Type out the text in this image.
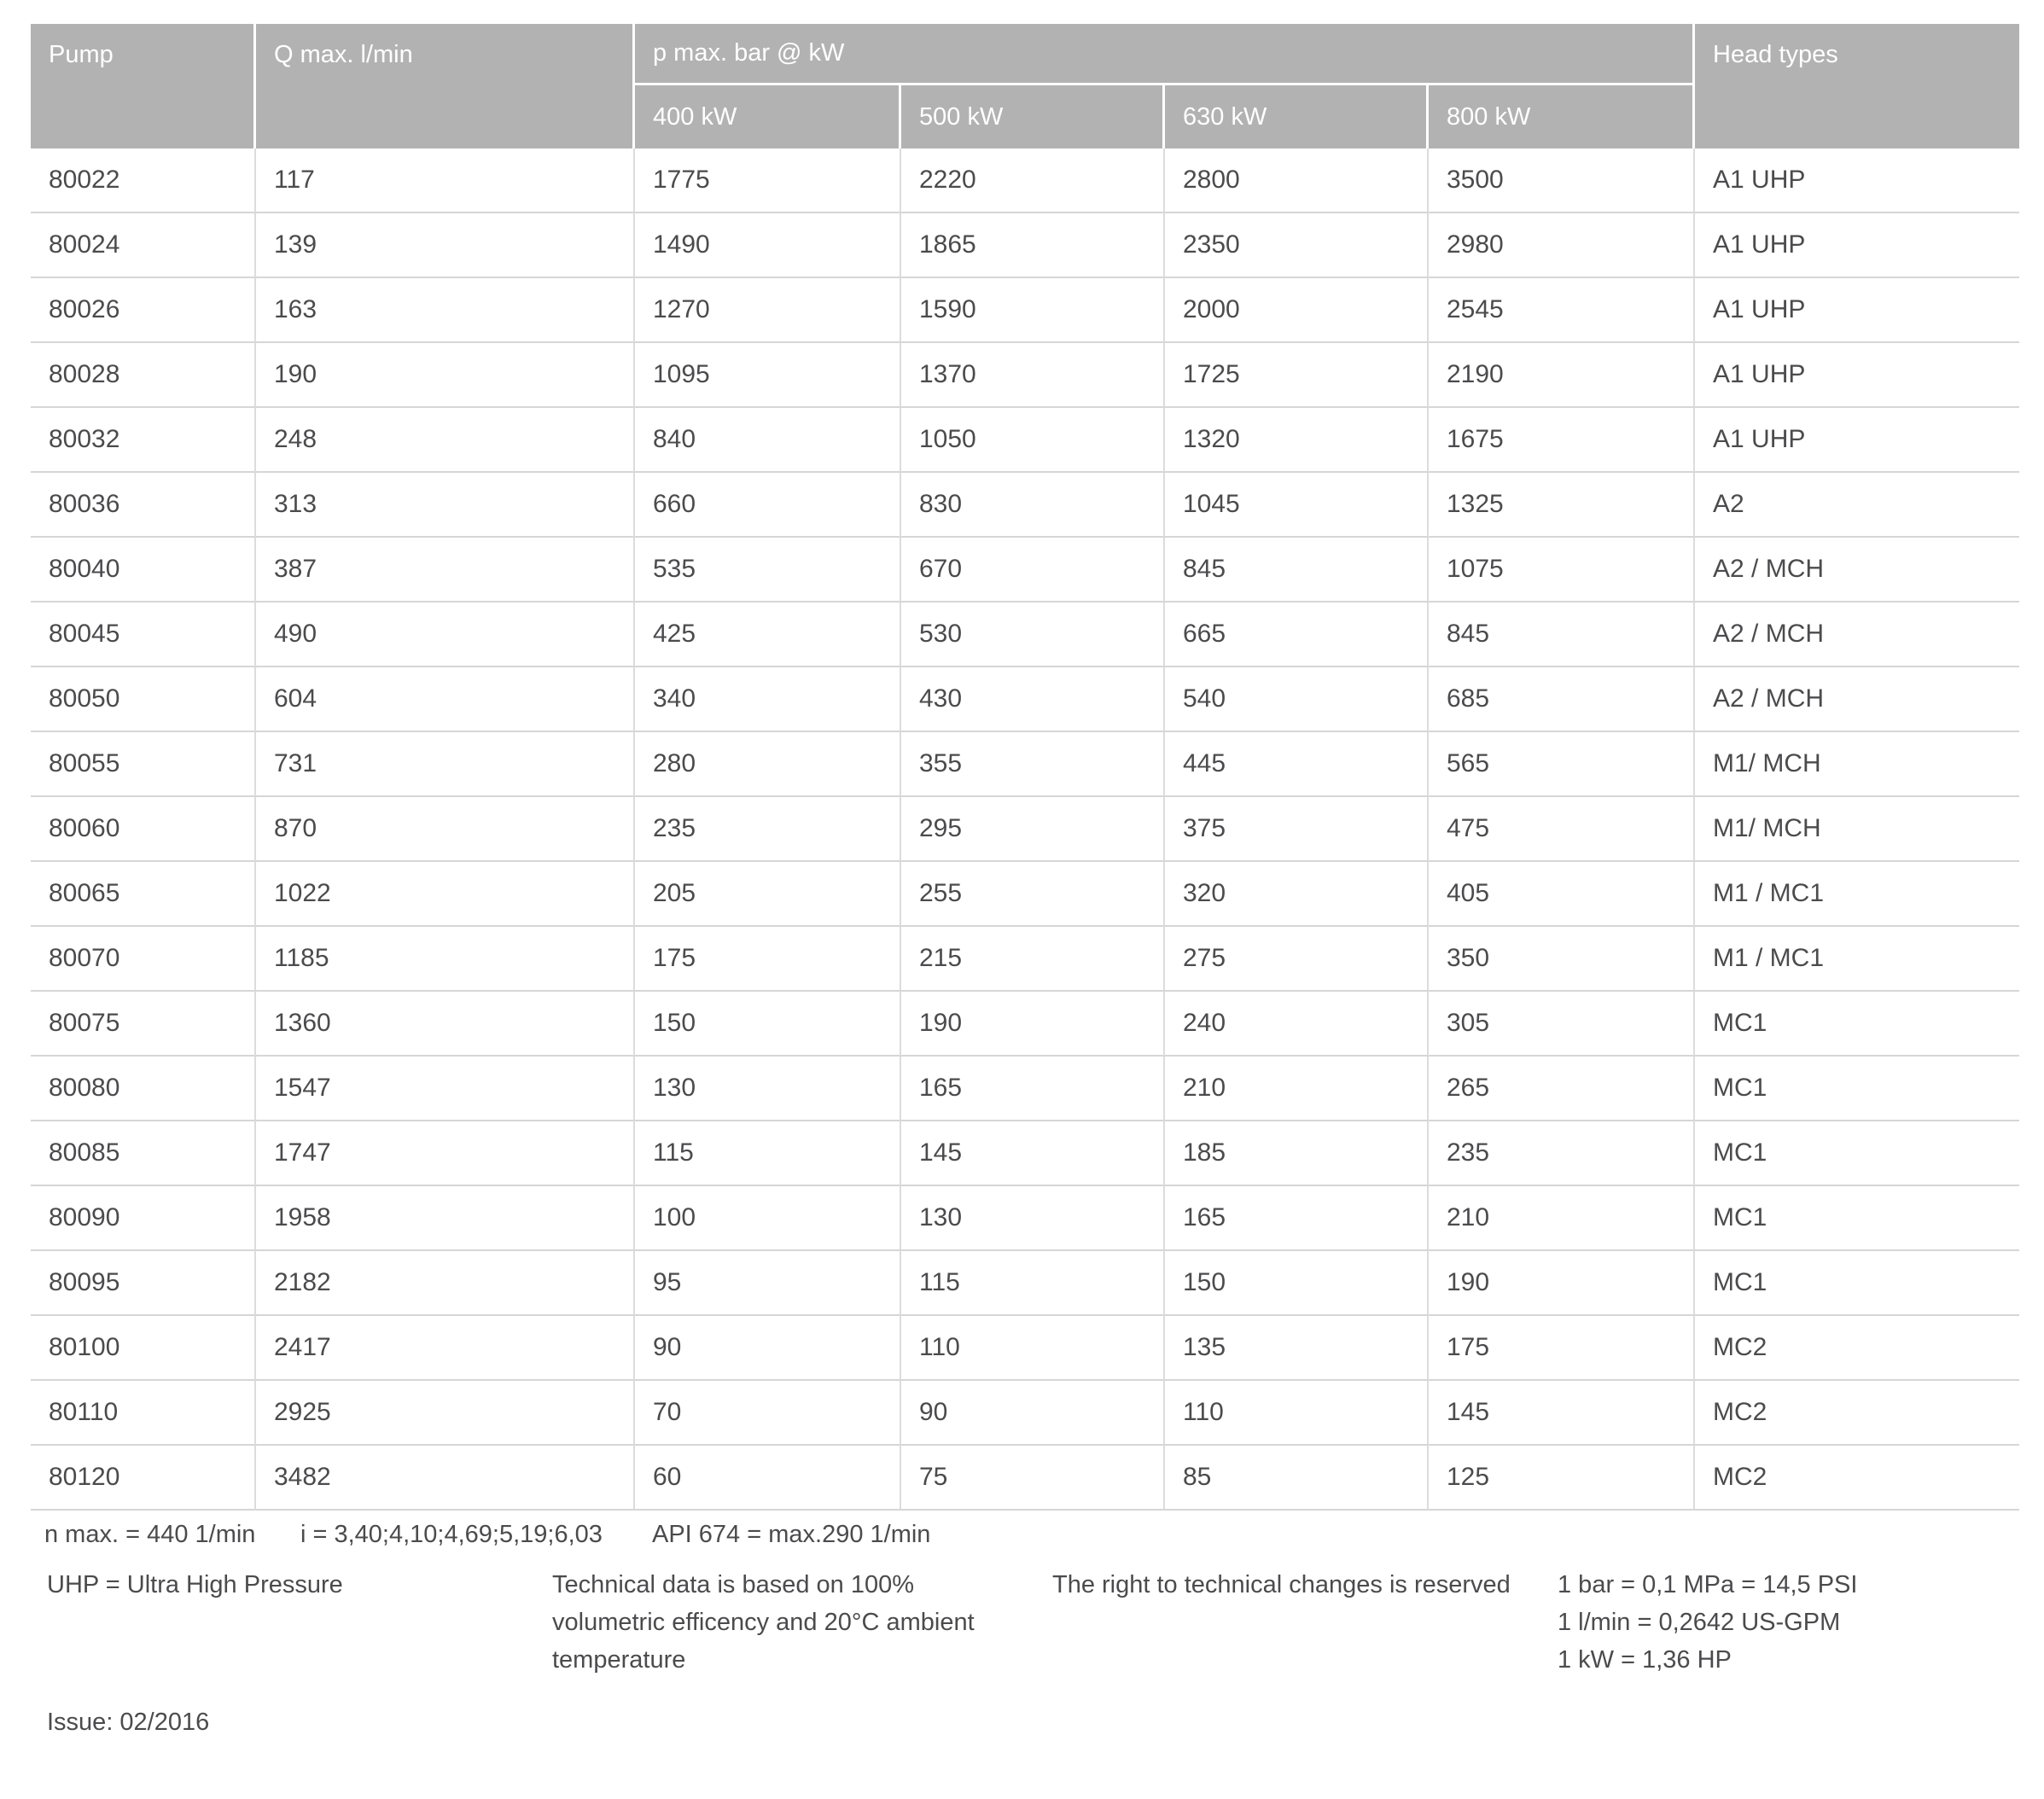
Pump	Q max. l/min	p max. bar @ kW				Head types
		400 kW	500 kW	630 kW	800 kW	
80022	117	1775	2220	2800	3500	A1 UHP
80024	139	1490	1865	2350	2980	A1 UHP
80026	163	1270	1590	2000	2545	A1 UHP
80028	190	1095	1370	1725	2190	A1 UHP
80032	248	840	1050	1320	1675	A1 UHP
80036	313	660	830	1045	1325	A2
80040	387	535	670	845	1075	A2 / MCH
80045	490	425	530	665	845	A2 / MCH
80050	604	340	430	540	685	A2 / MCH
80055	731	280	355	445	565	M1/ MCH
80060	870	235	295	375	475	M1/ MCH
80065	1022	205	255	320	405	M1 / MC1
80070	1185	175	215	275	350	M1 / MC1
80075	1360	150	190	240	305	MC1
80080	1547	130	165	210	265	MC1
80085	1747	115	145	185	235	MC1
80090	1958	100	130	165	210	MC1
80095	2182	95	115	150	190	MC1
80100	2417	90	110	135	175	MC2
80110	2925	70	90	110	145	MC2
80120	3482	60	75	85	125	MC2
n max. = 440 1/min i = 3,40;4,10;4,69;5,19;6,03 API 674 = max.290 1/min
UHP = Ultra High Pressure	Technical data is based on 100% volumetric efficency and 20°C ambient temperature
The right to technical changes is reserved 1 bar = 0,1 MPa = 14,5 PSI
1 l/min = 0,2642 US-GPM
1 kW = 1,36 HP
Issue: 02/2016
